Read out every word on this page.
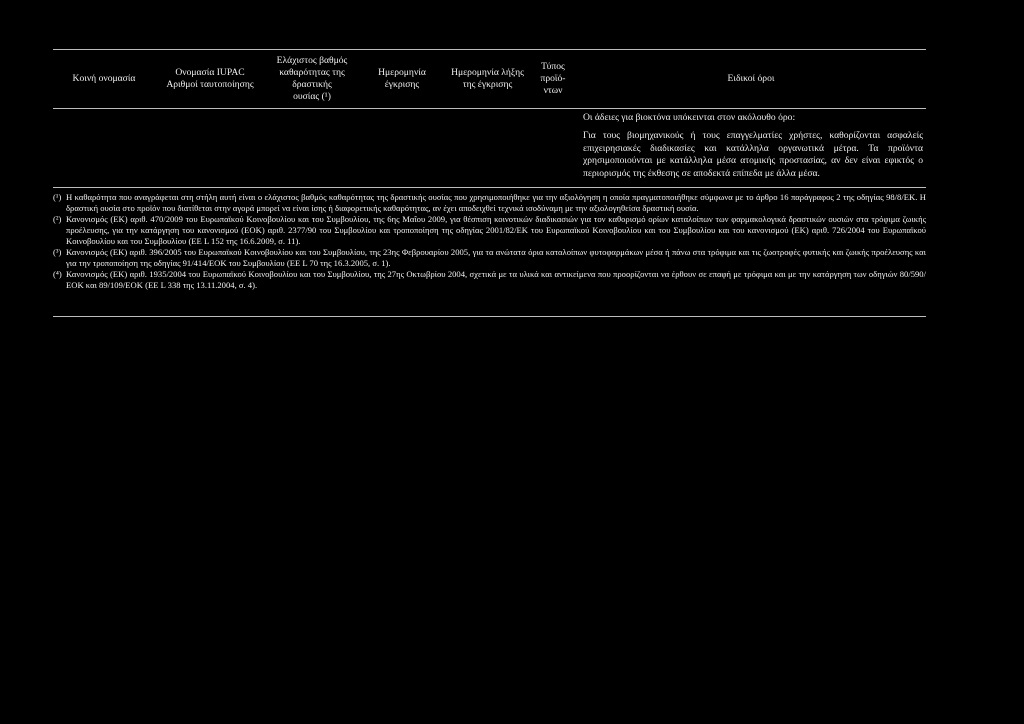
Κοινή ονομασία
Ονομασία IUPAC
Αριθμοί ταυτοποίησης
Ελάχιστος βαθμός
καθαρότητας της
δραστικής
ουσίας (¹)
Ημερομηνία
έγκρισης
Ημερομηνία λήξης
της έγκρισης
Τύπος
προϊό-
ντων
Ειδικοί όροι

Οι άδειες για βιοκτόνα υπόκεινται στον ακόλουθο όρο:

Για τους βιομηχανικούς ή τους επαγγελματίες χρήστες, καθορίζονται ασφαλείς επιχειρησιακές διαδικασίες και κατάλληλα οργανωτικά μέτρα. Τα προϊόντα χρησιμοποιούνται με κατάλληλα μέσα ατομικής προστασίας, αν δεν είναι εφικτός ο περιορισμός της έκθεσης σε αποδεκτά επίπεδα με άλλα μέσα.

(¹) Η καθαρότητα που αναγράφεται στη στήλη αυτή είναι ο ελάχιστος βαθμός καθαρότητας της δραστικής ουσίας που χρησιμοποιήθηκε για την αξιολόγηση η οποία πραγματοποιήθηκε σύμφωνα με το άρθρο 16 παράγραφος 2 της οδηγίας 98/8/ΕΚ. Η δραστική ουσία στο προϊόν που διατίθεται στην αγορά μπορεί να είναι ίσης ή διαφορετικής καθαρότητας, αν έχει αποδειχθεί τεχνικά ισοδύναμη με την αξιολογηθείσα δραστική ουσία.
(²) Κανονισμός (ΕΚ) αριθ. 470/2009 του Ευρωπαϊκού Κοινοβουλίου και του Συμβουλίου, της 6ης Μαΐου 2009, για θέσπιση κοινοτικών διαδικασιών για τον καθορισμό ορίων καταλοίπων των φαρμακολογικά δραστικών ουσιών στα τρόφιμα ζωικής προέλευσης, για την κατάργηση του κανονισμού (ΕΟΚ) αριθ. 2377/90 του Συμβουλίου και τροποποίηση της οδηγίας 2001/82/ΕΚ του Ευρωπαϊκού Κοινοβουλίου και του Συμβουλίου και του κανονισμού (ΕΚ) αριθ. 726/2004 του Ευρωπαϊκού Κοινοβουλίου και του Συμβουλίου (ΕΕ L 152 της 16.6.2009, σ. 11).
(³) Κανονισμός (ΕΚ) αριθ. 396/2005 του Ευρωπαϊκού Κοινοβουλίου και του Συμβουλίου, της 23ης Φεβρουαρίου 2005, για τα ανώτατα όρια καταλοίπων φυτοφαρμάκων μέσα ή πάνω στα τρόφιμα και τις ζωοτροφές φυτικής και ζωικής προέλευσης και για την τροποποίηση της οδηγίας 91/414/ΕΟΚ του Συμβουλίου (ΕΕ L 70 της 16.3.2005, σ. 1).
(⁴) Κανονισμός (ΕΚ) αριθ. 1935/2004 του Ευρωπαϊκού Κοινοβουλίου και του Συμβουλίου, της 27ης Οκτωβρίου 2004, σχετικά με τα υλικά και αντικείμενα που προορίζονται να έρθουν σε επαφή με τρόφιμα και με την κατάργηση των οδηγιών 80/590/ΕΟΚ και 89/109/ΕΟΚ (ΕΕ L 338 της 13.11.2004, σ. 4).
